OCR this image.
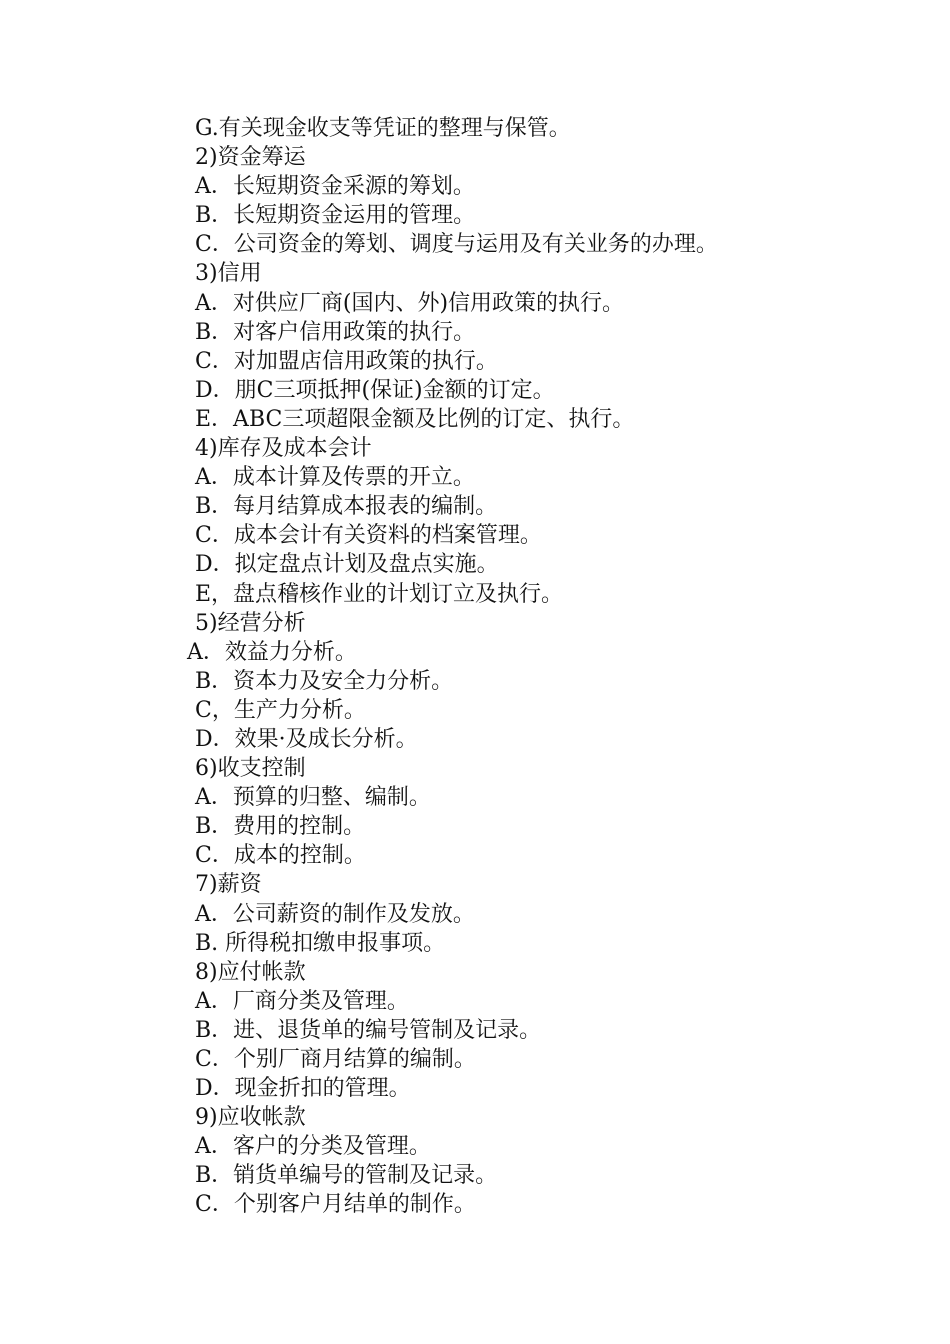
G.有关现金收支等凭证的整理与保管。
2)资金筹运
A．长短期资金采源的筹划。
B．长短期资金运用的管理。
C．公司资金的筹划、调度与运用及有关业务的办理。
3)信用
A．对供应厂商(国内、外)信用政策的执行。
B．对客户信用政策的执行。
C．对加盟店信用政策的执行。
D．朋C三项抵押(保证)金额的订定。
E．ABC三项超限金额及比例的订定、执行。
4)库存及成本会计
A．成本计算及传票的开立。
B．每月结算成本报表的编制。
C．成本会计有关资料的档案管理。
D．拟定盘点计划及盘点实施。
E，盘点稽核作业的计划订立及执行。
5)经营分析
A．效益力分析。
B．资本力及安全力分析。
C，生产力分析。
D．效果·及成长分析。
6)收支控制
A．预算的归整、编制。
B．费用的控制。
C．成本的控制。
7)薪资
A．公司薪资的制作及发放。
B. 所得税扣缴申报事项。
8)应付帐款
A．厂商分类及管理。
B．进、退货单的编号管制及记录。
C．个别厂商月结算的编制。
D．现金折扣的管理。
9)应收帐款
A．客户的分类及管理。
B．销货单编号的管制及记录。
C．个别客户月结单的制作。
